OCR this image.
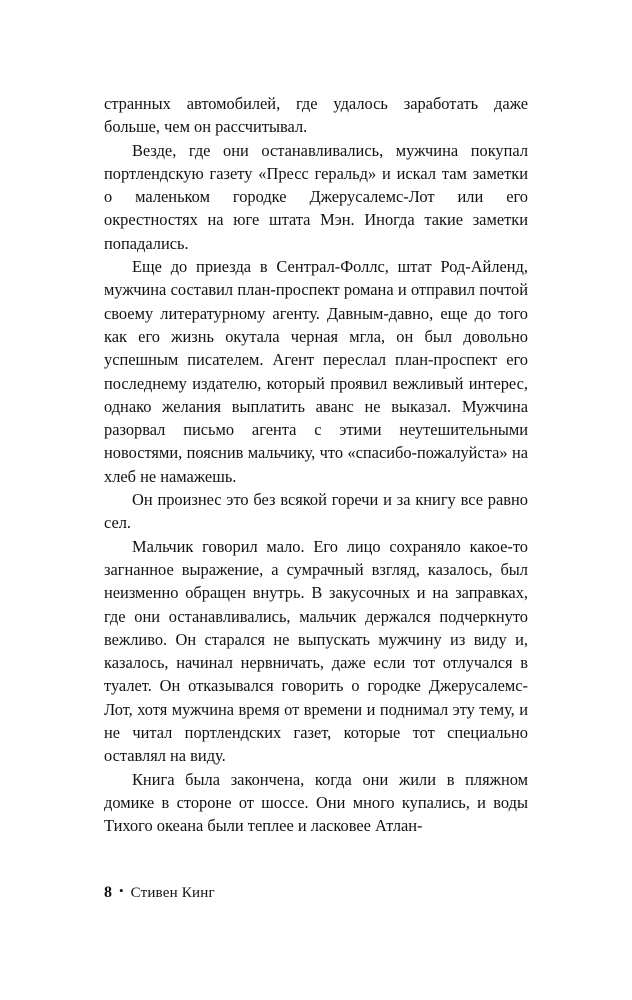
странных автомобилей, где удалось заработать даже больше, чем он рассчитывал.

Везде, где они останавливались, мужчина покупал портлендскую газету «Пресс геральд» и искал там заметки о маленьком городке Джерусалемс-Лот или его окрестностях на юге штата Мэн. Иногда такие заметки попадались.

Еще до приезда в Сентрал-Фоллс, штат Род-Айленд, мужчина составил план-проспект романа и отправил почтой своему литературному агенту. Давным-давно, еще до того как его жизнь окутала черная мгла, он был довольно успешным писателем. Агент переслал план-проспект его последнему издателю, который проявил вежливый интерес, однако желания выплатить аванс не выказал. Мужчина разорвал письмо агента с этими неутешительными новостями, пояснив мальчику, что «спасибо-пожалуйста» на хлеб не намажешь.

Он произнес это без всякой горечи и за книгу все равно сел.

Мальчик говорил мало. Его лицо сохраняло какое-то загнанное выражение, а сумрачный взгляд, казалось, был неизменно обращен внутрь. В закусочных и на заправках, где они останавливались, мальчик держался подчеркнуто вежливо. Он старался не выпускать мужчину из виду и, казалось, начинал нервничать, даже если тот отлучался в туалет. Он отказывался говорить о городке Джерусалемс-Лот, хотя мужчина время от времени и поднимал эту тему, и не читал портлендских газет, которые тот специально оставлял на виду.

Книга была закончена, когда они жили в пляжном домике в стороне от шоссе. Они много купались, и воды Тихого океана были теплее и ласковее Атлан-

8 • Стивен Кинг
